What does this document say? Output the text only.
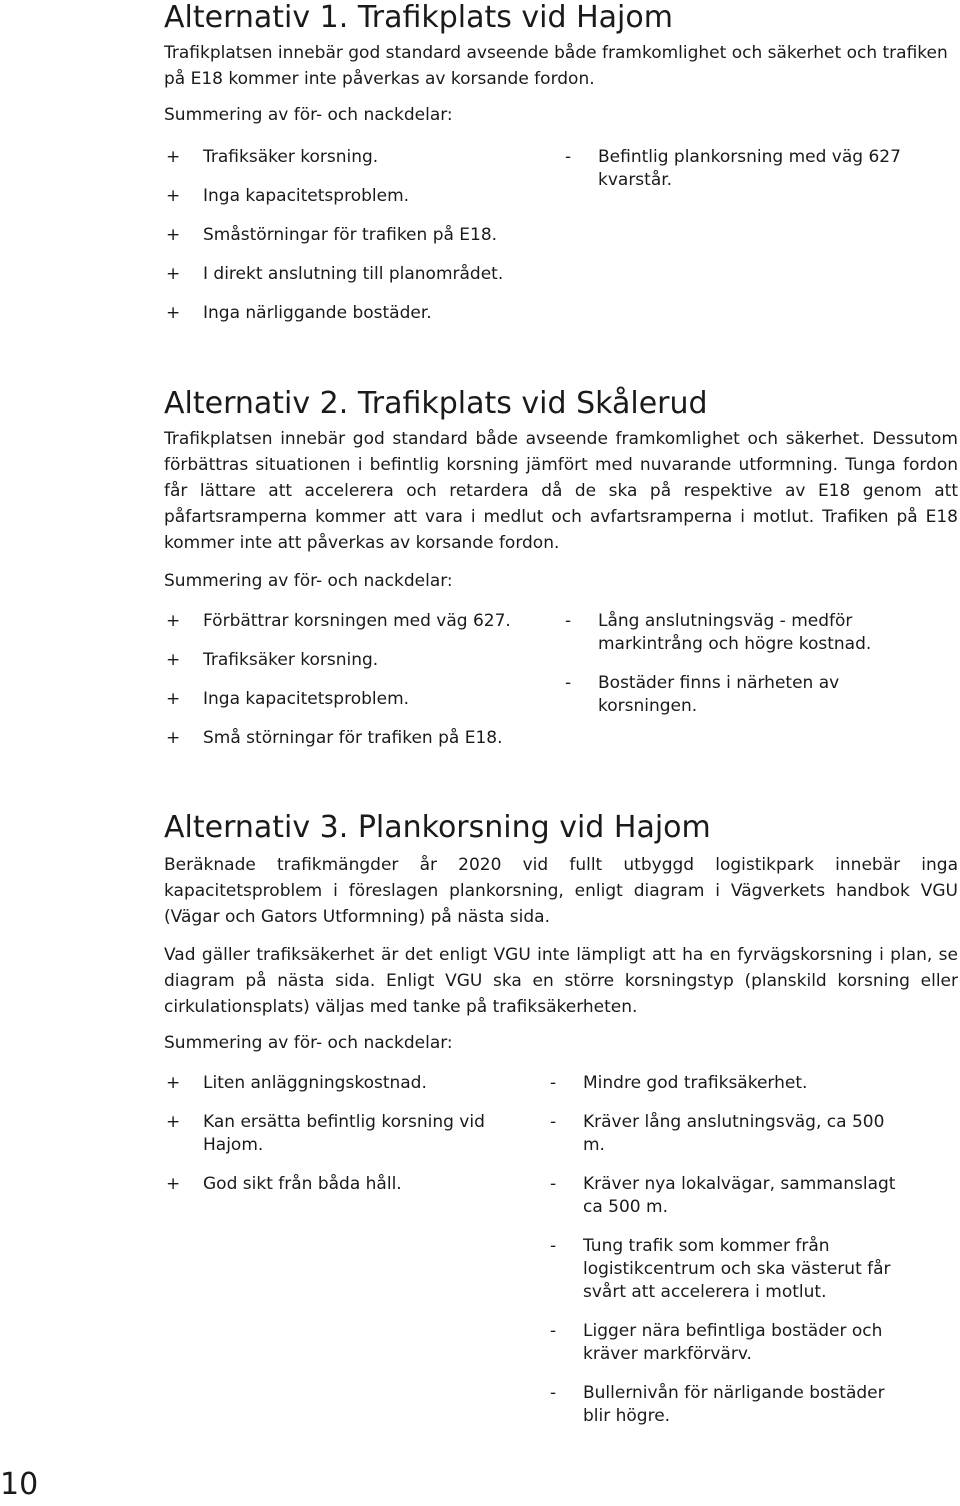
Alternativ 1. Trafikplats vid Hajom

Trafikplatsen innebär god standard avseende både framkomlighet och säkerhet och trafiken på E18 kommer inte påverkas av korsande fordon.

Summering av för- och nackdelar:

+	Trafiksäker korsning.
+	Inga kapacitetsproblem.
+	Småstörningar för trafiken på E18.
+	I direkt anslutning till planområdet.
+	Inga närliggande bostäder.
-	Befintlig plankorsning med väg 627 kvarstår.
Alternativ 2. Trafikplats vid Skålerud

Trafikplatsen innebär god standard både avseende framkomlighet och säkerhet. Dessutom förbättras situationen i befintlig korsning jämfört med nuvarande utformning. Tunga fordon får lättare att accelerera och retardera då de ska på respektive av E18 genom att påfartsramperna kommer att vara i medlut och avfartsramperna i motlut. Trafiken på E18 kommer inte att påverkas av korsande fordon.

Summering av för- och nackdelar:

+	Förbättrar korsningen med väg 627.
+	Trafiksäker korsning.
+	Inga kapacitetsproblem.
+	Små störningar för trafiken på E18.
-	Lång anslutningsväg - medför markintrång och högre kostnad.
-	Bostäder finns i närheten av korsningen.
Alternativ 3. Plankorsning vid Hajom

Beräknade trafikmängder år 2020 vid fullt utbyggd logistikpark innebär inga kapacitetsproblem i föreslagen plankorsning, enligt diagram i Vägverkets handbok VGU (Vägar och Gators Utformning) på nästa sida.

Vad gäller trafiksäkerhet är det enligt VGU inte lämpligt att ha en fyrvägskorsning i plan, se diagram på nästa sida. Enligt VGU ska en större korsningstyp (planskild korsning eller cirkulationsplats) väljas med tanke på trafiksäkerheten.

Summering av för- och nackdelar:

+	Liten anläggningskostnad.
+	Kan ersätta befintlig korsning vid Hajom.
+	God sikt från båda håll.
-	Mindre god trafiksäkerhet.
-	Kräver lång anslutningsväg, ca 500 m.
-	Kräver nya lokalvägar, sammanslagt ca 500 m.
-	Tung trafik som kommer från logistikcentrum och ska västerut får svårt att accelerera i motlut.
-	Ligger nära befintliga bostäder och kräver markförvärv.
-	Bullernivån för närligande bostäder blir högre.
10
